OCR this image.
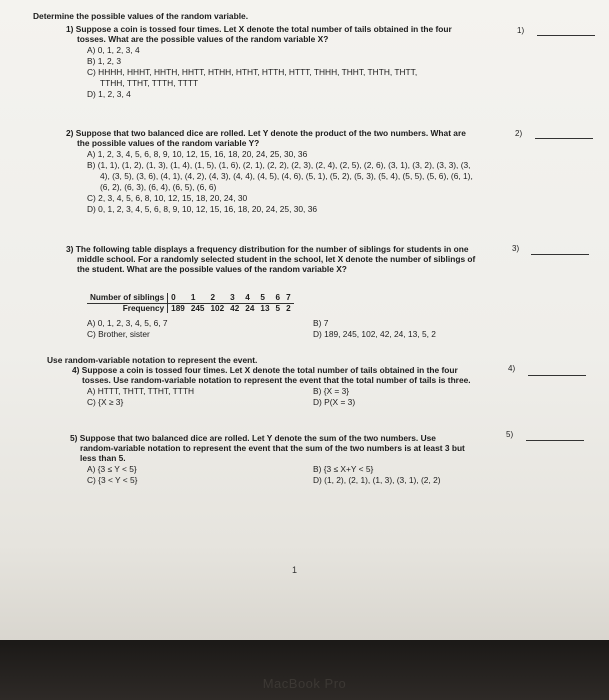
Determine the possible values of the random variable.
1)
1) Suppose a coin is tossed four times. Let X denote the total number of tails obtained in the four
tosses. What are the possible values of the random variable X?
A) 0, 1, 2, 3, 4
B) 1, 2, 3
C) HHHH, HHHT, HHTH, HHTT, HTHH, HTHT, HTTH, HTTT, THHH, THHT, THTH, THTT,
TTHH, TTHT, TTTH, TTTT
D) 1, 2, 3, 4
2)
2) Suppose that two balanced dice are rolled. Let Y denote the product of the two numbers. What are
the possible values of the random variable Y?
A) 1, 2, 3, 4, 5, 6, 8, 9, 10, 12, 15, 16, 18, 20, 24, 25, 30, 36
B) (1, 1), (1, 2), (1, 3), (1, 4), (1, 5), (1, 6), (2, 1), (2, 2), (2, 3), (2, 4), (2, 5), (2, 6), (3, 1), (3, 2), (3, 3), (3,
4), (3, 5), (3, 6), (4, 1), (4, 2), (4, 3), (4, 4), (4, 5), (4, 6), (5, 1), (5, 2), (5, 3), (5, 4), (5, 5), (5, 6), (6, 1),
(6, 2), (6, 3), (6, 4), (6, 5), (6, 6)
C) 2, 3, 4, 5, 6, 8, 10, 12, 15, 18, 20, 24, 30
D) 0, 1, 2, 3, 4, 5, 6, 8, 9, 10, 12, 15, 16, 18, 20, 24, 25, 30, 36
3)
3) The following table displays a frequency distribution for the number of siblings for students in one
middle school. For a randomly selected student in the school, let X denote the number of siblings of
the student. What are the possible values of the random variable X?
Number of siblings	0	1	2	3	4	5	6	7
Frequency	189	245	102	42	24	13	5	2
A) 0, 1, 2, 3, 4, 5, 6, 7	B) 7
C) Brother, sister	D) 189, 245, 102, 42, 24, 13, 5, 2
Use random-variable notation to represent the event.
4)
4) Suppose a coin is tossed four times. Let X denote the total number of tails obtained in the four
tosses. Use random-variable notation to represent the event that the total number of tails is three.
A) HTTT, THTT, TTHT, TTTH	B) {X = 3}
C) {X ≥ 3}	D) P(X = 3)
5)
5) Suppose that two balanced dice are rolled. Let Y denote the sum of the two numbers. Use
random-variable notation to represent the event that the sum of the two numbers is at least 3 but
less than 5.
A) {3 ≤ Y < 5}	B) {3 ≤ X+Y < 5}
C) {3 < Y < 5}	D) (1, 2), (2, 1), (1, 3), (3, 1), (2, 2)
1
MacBook Pro
